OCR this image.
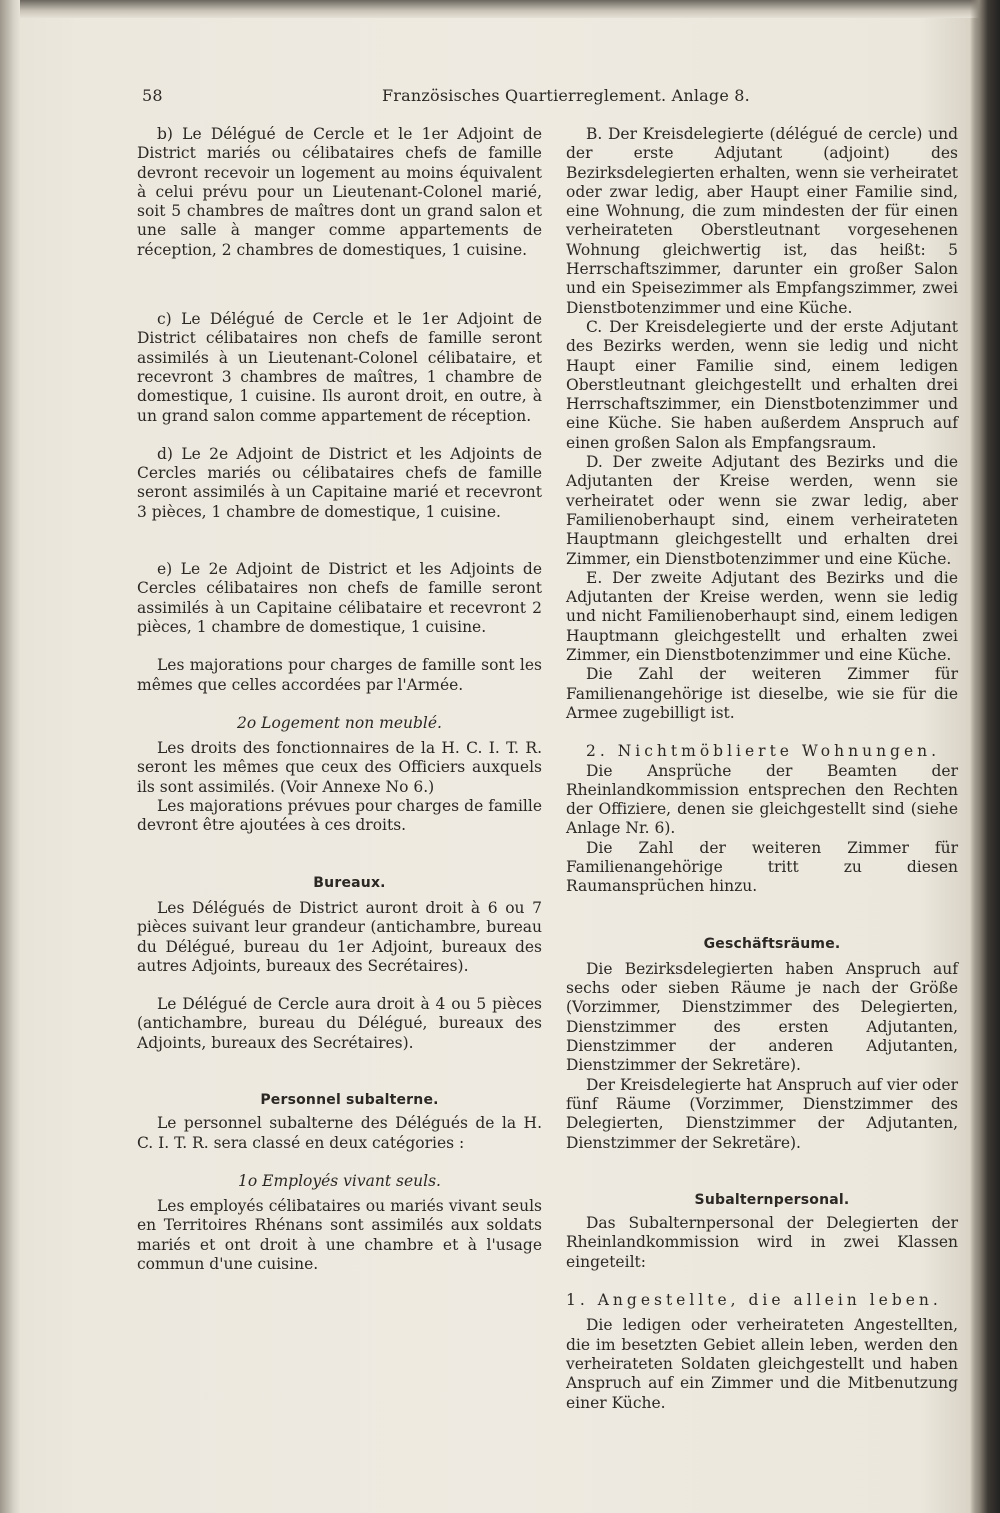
58	Französisches Quartierreglement. Anlage 8.

b) Le Délégué de Cercle et le 1er Adjoint de District mariés ou célibataires chefs de famille devront recevoir un logement au moins équivalent à celui prévu pour un Lieutenant-Colonel marié, soit 5 chambres de maîtres dont un grand salon et une salle à manger comme appartements de réception, 2 chambres de domestiques, 1 cuisine.

c) Le Délégué de Cercle et le 1er Adjoint de District célibataires non chefs de famille seront assimilés à un Lieutenant-Colonel célibataire, et recevront 3 chambres de maîtres, 1 chambre de domestique, 1 cuisine. Ils auront droit, en outre, à un grand salon comme appartement de réception.

d) Le 2e Adjoint de District et les Adjoints de Cercles mariés ou célibataires chefs de famille seront assimilés à un Capitaine marié et recevront 3 pièces, 1 chambre de domestique, 1 cuisine.

e) Le 2e Adjoint de District et les Adjoints de Cercles célibataires non chefs de famille seront assimilés à un Capitaine célibataire et recevront 2 pièces, 1 chambre de domestique, 1 cuisine.

Les majorations pour charges de famille sont les mêmes que celles accordées par l'Armée.

2o Logement non meublé.

Les droits des fonctionnaires de la H. C. I. T. R. seront les mêmes que ceux des Officiers auxquels ils sont assimilés. (Voir Annexe No 6.)

Les majorations prévues pour charges de famille devront être ajoutées à ces droits.

Bureaux.

Les Délégués de District auront droit à 6 ou 7 pièces suivant leur grandeur (antichambre, bureau du Délégué, bureau du 1er Adjoint, bureaux des autres Adjoints, bureaux des Secrétaires).

Le Délégué de Cercle aura droit à 4 ou 5 pièces (antichambre, bureau du Délégué, bureaux des Adjoints, bureaux des Secrétaires).

Personnel subalterne.

Le personnel subalterne des Délégués de la H. C. I. T. R. sera classé en deux catégories :

1o Employés vivant seuls.

Les employés célibataires ou mariés vivant seuls en Territoires Rhénans sont assimilés aux soldats mariés et ont droit à une chambre et à l'usage commun d'une cuisine.

B. Der Kreisdelegierte (délégué de cercle) und der erste Adjutant (adjoint) des Bezirksdelegierten erhalten, wenn sie verheiratet oder zwar ledig, aber Haupt einer Familie sind, eine Wohnung, die zum mindesten der für einen verheirateten Oberstleutnant vorgesehenen Wohnung gleichwertig ist, das heißt: 5 Herrschaftszimmer, darunter ein großer Salon und ein Speisezimmer als Empfangszimmer, zwei Dienstbotenzimmer und eine Küche.

C. Der Kreisdelegierte und der erste Adjutant des Bezirks werden, wenn sie ledig und nicht Haupt einer Familie sind, einem ledigen Oberstleutnant gleichgestellt und erhalten drei Herrschaftszimmer, ein Dienstbotenzimmer und eine Küche. Sie haben außerdem Anspruch auf einen großen Salon als Empfangsraum.

D. Der zweite Adjutant des Bezirks und die Adjutanten der Kreise werden, wenn sie verheiratet oder wenn sie zwar ledig, aber Familienoberhaupt sind, einem verheirateten Hauptmann gleichgestellt und erhalten drei Zimmer, ein Dienstbotenzimmer und eine Küche.

E. Der zweite Adjutant des Bezirks und die Adjutanten der Kreise werden, wenn sie ledig und nicht Familienoberhaupt sind, einem ledigen Hauptmann gleichgestellt und erhalten zwei Zimmer, ein Dienstbotenzimmer und eine Küche.

Die Zahl der weiteren Zimmer für Familienangehörige ist dieselbe, wie sie für die Armee zugebilligt ist.

2. Nichtmöblierte Wohnungen.

Die Ansprüche der Beamten der Rheinlandkommission entsprechen den Rechten der Offiziere, denen sie gleichgestellt sind (siehe Anlage Nr. 6).

Die Zahl der weiteren Zimmer für Familienangehörige tritt zu diesen Raumansprüchen hinzu.

Geschäftsräume.

Die Bezirksdelegierten haben Anspruch auf sechs oder sieben Räume je nach der Größe (Vorzimmer, Dienstzimmer des Delegierten, Dienstzimmer des ersten Adjutanten, Dienstzimmer der anderen Adjutanten, Dienstzimmer der Sekretäre).

Der Kreisdelegierte hat Anspruch auf vier oder fünf Räume (Vorzimmer, Dienstzimmer des Delegierten, Dienstzimmer der Adjutanten, Dienstzimmer der Sekretäre).

Subalternpersonal.

Das Subalternpersonal der Delegierten der Rheinlandkommission wird in zwei Klassen eingeteilt:

1. Angestellte, die allein leben.

Die ledigen oder verheirateten Angestellten, die im besetzten Gebiet allein leben, werden den verheirateten Soldaten gleichgestellt und haben Anspruch auf ein Zimmer und die Mitbenutzung einer Küche.
